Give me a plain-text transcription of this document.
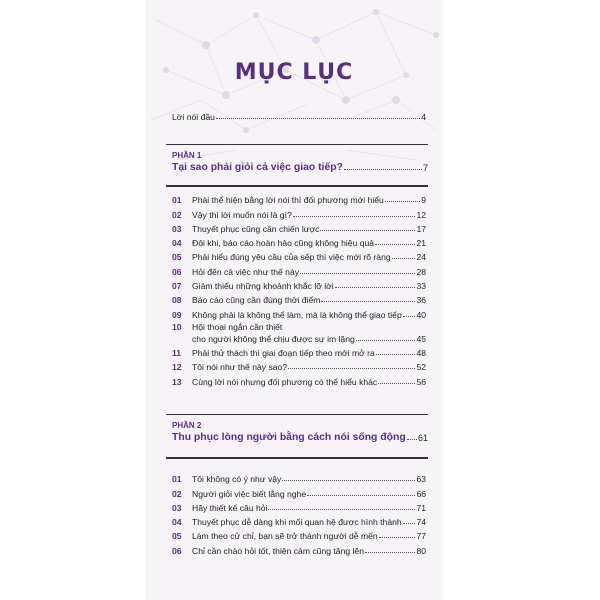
MỤC LỤC
Lời nói đầu	4
PHẦN 1
Tại sao phải giỏi cả việc giao tiếp?	7
01	Phải thể hiện bằng lời nói thì đối phương mới hiểu	9
02	Vậy thì lời muốn nói là gì?	12
03	Thuyết phục cũng cần chiến lược	17
04	Đôi khi, báo cáo hoàn hảo cũng không hiệu quả	21
05	Phải hiểu đúng yêu cầu của sếp thì việc mới rõ ràng	24
06	Hỏi đến cả việc như thế này	28
07	Giảm thiểu những khoảnh khắc lỡ lời	33
08	Báo cáo cũng cần đúng thời điểm	36
09	Không phải là không thể làm, mà là không thể giao tiếp 40
10	Hội thoại ngắn cần thiết
cho người không thể chịu được sự im lặng	45
11	Phải thử thách thì giai đoạn tiếp theo mới mở ra	48
12	Tôi nói như thế này sao?	52
13	Cùng lời nói nhưng đối phương có thể hiểu khác	56
PHẦN 2
Thu phục lòng người bằng cách nói sống động 61
01	Tôi không có ý như vậy	63
02	Người giỏi việc biết lắng nghe	66
03	Hãy thiết kế câu hỏi	71
04	Thuyết phục dễ dàng khi mối quan hệ được hình thành 74
05	Làm theo cử chỉ, bạn sẽ trở thành người dễ mến	77
06	Chỉ cần chào hỏi tốt, thiện cảm cũng tăng lên	80
